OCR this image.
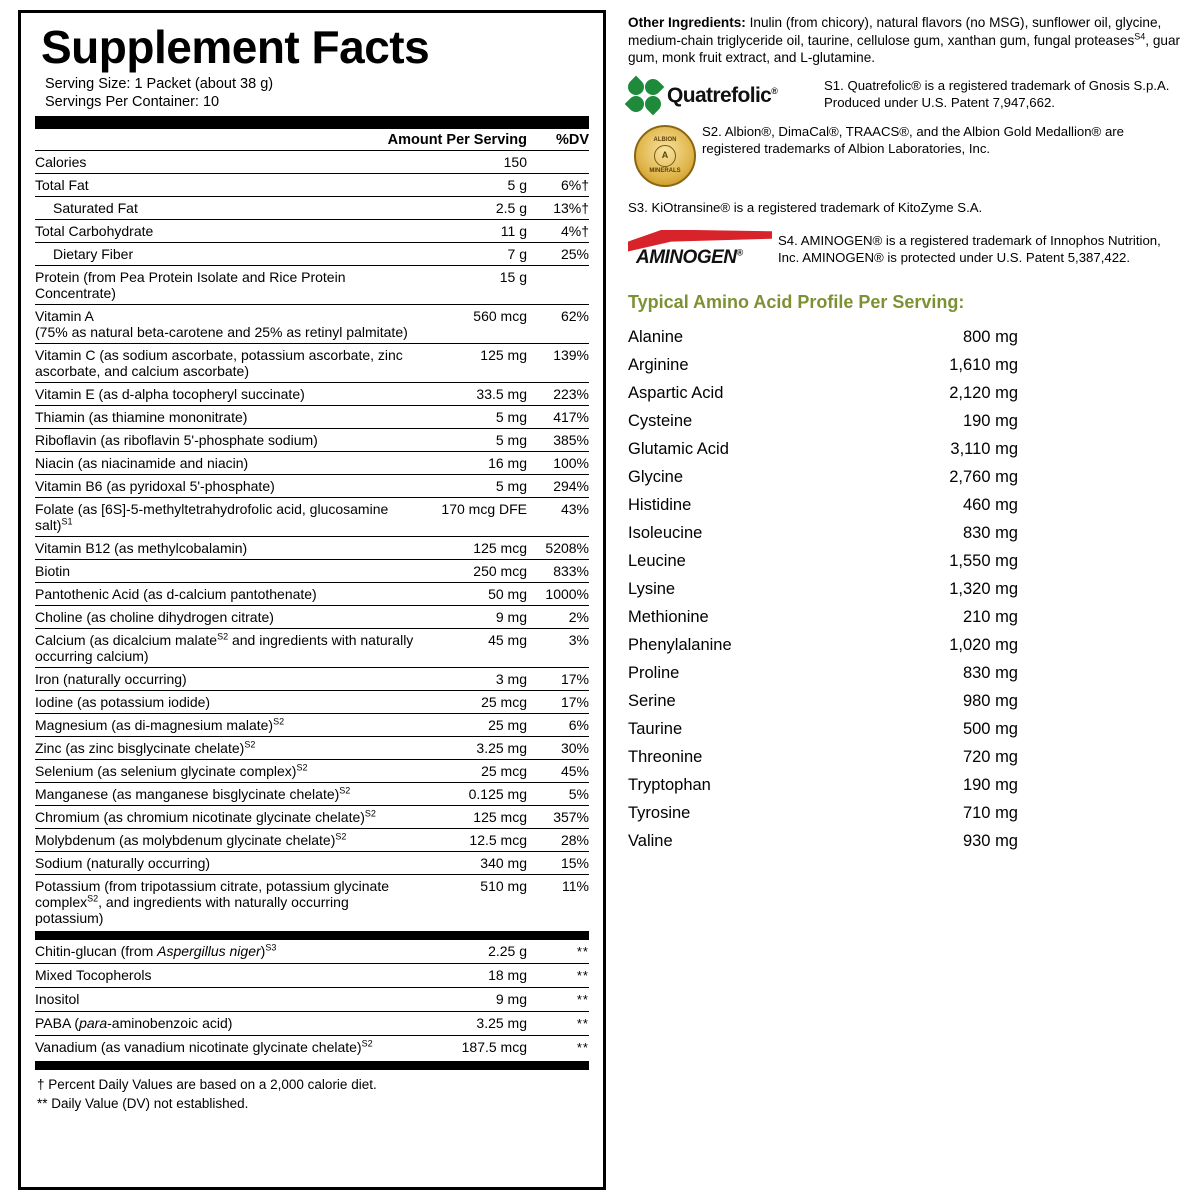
Supplement Facts
Serving Size: 1 Packet (about 38 g)
Servings Per Container: 10
Amount Per Serving	%DV
Calories	150	
Total Fat	5 g	6%†
Saturated Fat	2.5 g	13%†
Total Carbohydrate	11 g	4%†
Dietary Fiber	7 g	25%
Protein (from Pea Protein Isolate and Rice Protein Concentrate)	15 g	
Vitamin A
(75% as natural beta-carotene and 25% as retinyl palmitate)	560 mcg	62%
Vitamin C (as sodium ascorbate, potassium ascorbate, zinc ascorbate, and calcium ascorbate)	125 mg	139%
Vitamin E (as d-alpha tocopheryl succinate)	33.5 mg	223%
Thiamin (as thiamine mononitrate)	5 mg	417%
Riboflavin (as riboflavin 5'-phosphate sodium)	5 mg	385%
Niacin (as niacinamide and niacin)	16 mg	100%
Vitamin B6 (as pyridoxal 5'-phosphate)	5 mg	294%
Folate (as [6S]-5-methyltetrahydrofolic acid, glucosamine salt)$^{S1}$	170 mcg DFE	43%
Vitamin B12 (as methylcobalamin)	125 mcg	5208%
Biotin	250 mcg	833%
Pantothenic Acid (as d-calcium pantothenate)	50 mg	1000%
Choline (as choline dihydrogen citrate)	9 mg	2%
Calcium (as dicalcium malate$^{S2}$ and ingredients with naturally occurring calcium)	45 mg	3%
Iron (naturally occurring)	3 mg	17%
Iodine (as potassium iodide)	25 mcg	17%
Magnesium (as di-magnesium malate)$^{S2}$	25 mg	6%
Zinc (as zinc bisglycinate chelate)$^{S2}$	3.25 mg	30%
Selenium (as selenium glycinate complex)$^{S2}$	25 mcg	45%
Manganese (as manganese bisglycinate chelate)$^{S2}$	0.125 mg	5%
Chromium (as chromium nicotinate glycinate chelate)$^{S2}$	125 mcg	357%
Molybdenum (as molybdenum glycinate chelate)$^{S2}$	12.5 mcg	28%
Sodium (naturally occurring)	340 mg	15%
Potassium (from tripotassium citrate, potassium glycinate complex$^{S2}$, and ingredients with naturally occurring potassium)	510 mg	11%
Chitin-glucan (from Aspergillus niger)$^{S3}$	2.25 g	**
Mixed Tocopherols	18 mg	**
Inositol	9 mg	**
PABA (para-aminobenzoic acid)	3.25 mg	**
Vanadium (as vanadium nicotinate glycinate chelate)$^{S2}$	187.5 mcg	**
† Percent Daily Values are based on a 2,000 calorie diet.
** Daily Value (DV) not established.
Other Ingredients: Inulin (from chicory), natural flavors (no MSG), sunflower oil, glycine, medium-chain triglyceride oil, taurine, cellulose gum, xanthan gum, fungal proteases$^{S4}$, guar gum, monk fruit extract, and L-glutamine.
Quatrefolic®	S1. Quatrefolic® is a registered trademark of Gnosis S.p.A. Produced under U.S. Patent 7,947,662.
ALBION
A
MINERALS
S2. Albion®, DimaCal®, TRAACS®, and the Albion Gold Medallion® are registered trademarks of Albion Laboratories, Inc.
S3. KiOtransine® is a registered trademark of KitoZyme S.A.
AMINOGEN®
S4. AMINOGEN® is a registered trademark of Innophos Nutrition, Inc. AMINOGEN® is protected under U.S. Patent 5,387,422.
Typical Amino Acid Profile Per Serving:
Alanine	800 mg
Arginine	1,610 mg
Aspartic Acid	2,120 mg
Cysteine	190 mg
Glutamic Acid	3,110 mg
Glycine	2,760 mg
Histidine	460 mg
Isoleucine	830 mg
Leucine	1,550 mg
Lysine	1,320 mg
Methionine	210 mg
Phenylalanine	1,020 mg
Proline	830 mg
Serine	980 mg
Taurine	500 mg
Threonine	720 mg
Tryptophan	190 mg
Tyrosine	710 mg
Valine	930 mg
